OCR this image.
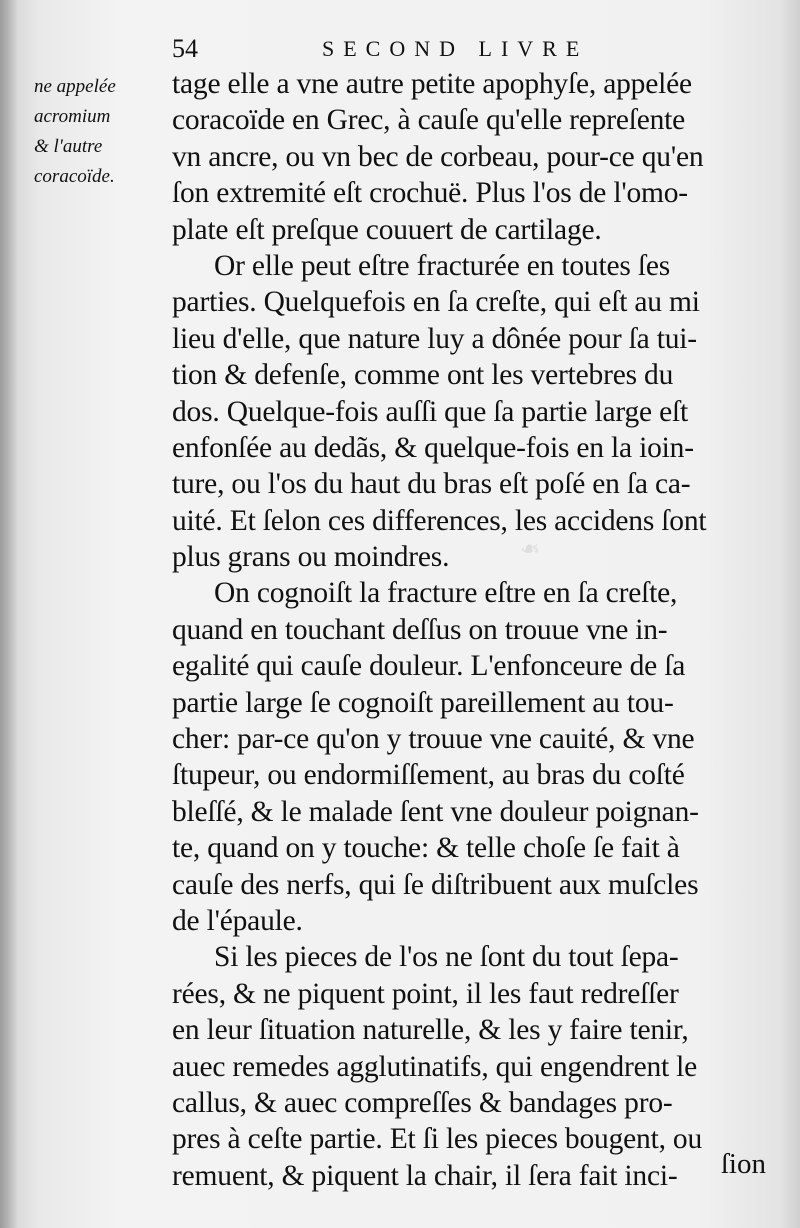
❧
54	SECOND LIVRE
ne appelée
acromium
& l'autre
coracoïde.
tage elle a vne autre petite apophyſe, appelée
coracoïde en Grec, à cauſe qu'elle repreſente
vn ancre, ou vn bec de corbeau, pour-ce qu'en
ſon extremité eſt crochuë. Plus l'os de l'omo-
plate eſt preſque couuert de cartilage.
Or elle peut eſtre fracturée en toutes ſes
parties. Quelquefois en ſa creſte, qui eſt au mi
lieu d'elle, que nature luy a dônée pour ſa tui-
tion & defenſe, comme ont les vertebres du
dos. Quelque-fois auſſi que ſa partie large eſt
enfonſée au dedãs, & quelque-fois en la ioin-
ture, ou l'os du haut du bras eſt poſé en ſa ca-
uité. Et ſelon ces differences, les accidens ſont
plus grans ou moindres.
On cognoiſt la fracture eſtre en ſa creſte,
quand en touchant deſſus on trouue vne in-
egalité qui cauſe douleur. L'enfonceure de ſa
partie large ſe cognoiſt pareillement au tou-
cher: par-ce qu'on y trouue vne cauité, & vne
ſtupeur, ou endormiſſement, au bras du coſté
bleſſé, & le malade ſent vne douleur poignan-
te, quand on y touche: & telle choſe ſe fait à
cauſe des nerfs, qui ſe diſtribuent aux muſcles
de l'épaule.
Si les pieces de l'os ne ſont du tout ſepa-
rées, & ne piquent point, il les faut redreſſer
en leur ſituation naturelle, & les y faire tenir,
auec remedes agglutinatifs, qui engendrent le
callus, & auec compreſſes & bandages pro-
pres à ceſte partie. Et ſi les pieces bougent, ou
remuent, & piquent la chair, il ſera fait inci-	ſion
